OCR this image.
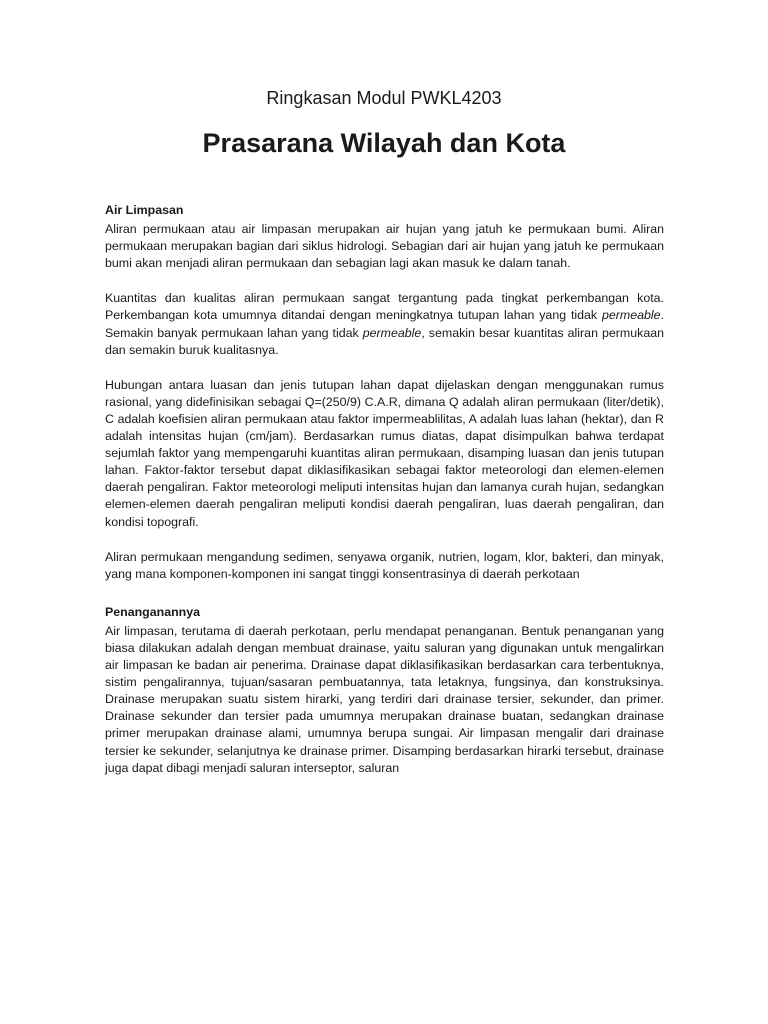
Ringkasan Modul PWKL4203
Prasarana Wilayah dan Kota
Air Limpasan

Aliran permukaan atau air limpasan merupakan air hujan yang jatuh ke permukaan bumi. Aliran permukaan merupakan bagian dari siklus hidrologi. Sebagian dari air hujan yang jatuh ke permukaan bumi akan menjadi aliran permukaan dan sebagian lagi akan masuk ke dalam tanah.

Kuantitas dan kualitas aliran permukaan sangat tergantung pada tingkat perkembangan kota. Perkembangan kota umumnya ditandai dengan meningkatnya tutupan lahan yang tidak permeable. Semakin banyak permukaan lahan yang tidak permeable, semakin besar kuantitas aliran permukaan dan semakin buruk kualitasnya.

Hubungan antara luasan dan jenis tutupan lahan dapat dijelaskan dengan menggunakan rumus rasional, yang didefinisikan sebagai Q=(250/9) C.A.R, dimana Q adalah aliran permukaan (liter/detik), C adalah koefisien aliran permukaan atau faktor impermeablilitas, A adalah luas lahan (hektar), dan R adalah intensitas hujan (cm/jam). Berdasarkan rumus diatas, dapat disimpulkan bahwa terdapat sejumlah faktor yang mempengaruhi kuantitas aliran permukaan, disamping luasan dan jenis tutupan lahan. Faktor-faktor tersebut dapat diklasifikasikan sebagai faktor meteorologi dan elemen-elemen daerah pengaliran. Faktor meteorologi meliputi intensitas hujan dan lamanya curah hujan, sedangkan elemen-elemen daerah pengaliran meliputi kondisi daerah pengaliran, luas daerah pengaliran, dan kondisi topografi.

Aliran permukaan mengandung sedimen, senyawa organik, nutrien, logam, klor, bakteri, dan minyak, yang mana komponen-komponen ini sangat tinggi konsentrasinya di daerah perkotaan

Penanganannya

Air limpasan, terutama di daerah perkotaan, perlu mendapat penanganan. Bentuk penanganan yang biasa dilakukan adalah dengan membuat drainase, yaitu saluran yang digunakan untuk mengalirkan air limpasan ke badan air penerima. Drainase dapat diklasifikasikan berdasarkan cara terbentuknya, sistim pengalirannya, tujuan/sasaran pembuatannya, tata letaknya, fungsinya, dan konstruksinya. Drainase merupakan suatu sistem hirarki, yang terdiri dari drainase tersier, sekunder, dan primer. Drainase sekunder dan tersier pada umumnya merupakan drainase buatan, sedangkan drainase primer merupakan drainase alami, umumnya berupa sungai. Air limpasan mengalir dari drainase tersier ke sekunder, selanjutnya ke drainase primer. Disamping berdasarkan hirarki tersebut, drainase juga dapat dibagi menjadi saluran interseptor, saluran
